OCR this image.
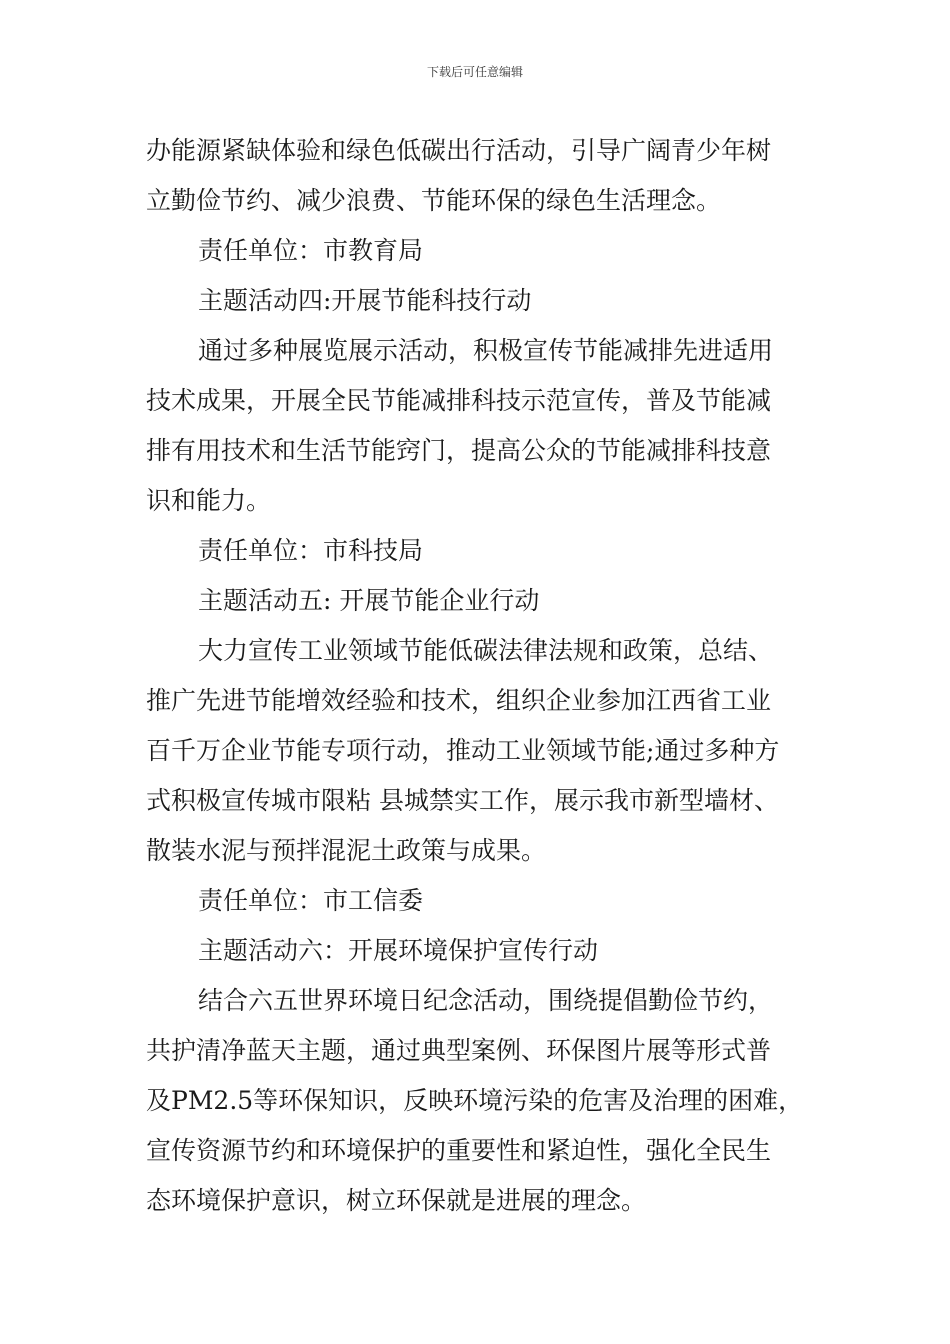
下载后可任意编辑
办能源紧缺体验和绿色低碳出行活动，引导广阔青少年树
立勤俭节约、减少浪费、节能环保的绿色生活理念。
责任单位：市教育局
主题活动四:开展节能科技行动
通过多种展览展示活动，积极宣传节能减排先进适用
技术成果，开展全民节能减排科技示范宣传，普及节能减
排有用技术和生活节能窍门，提高公众的节能减排科技意
识和能力。
责任单位：市科技局
主题活动五: 开展节能企业行动
大力宣传工业领域节能低碳法律法规和政策，总结、
推广先进节能增效经验和技术，组织企业参加江西省工业
百千万企业节能专项行动，推动工业领域节能;通过多种方
式积极宣传城市限粘 县城禁实工作，展示我市新型墙材、
散装水泥与预拌混泥土政策与成果。
责任单位：市工信委
主题活动六：开展环境保护宣传行动
结合六五世界环境日纪念活动，围绕提倡勤俭节约，
共护清净蓝天主题，通过典型案例、环保图片展等形式普
及PM2.5等环保知识，反映环境污染的危害及治理的困难，
宣传资源节约和环境保护的重要性和紧迫性，强化全民生
态环境保护意识，树立环保就是进展的理念。
